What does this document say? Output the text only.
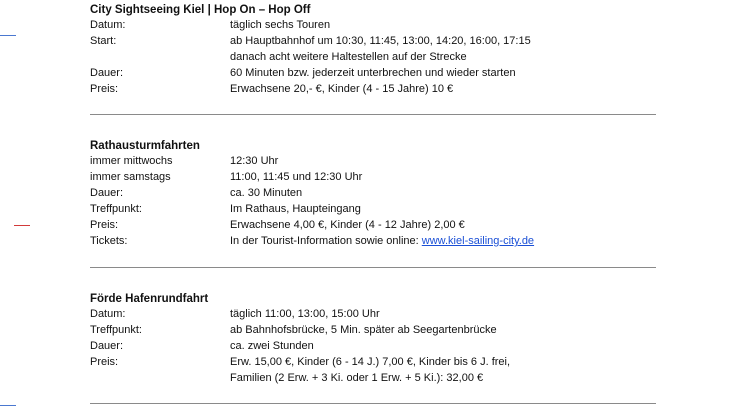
City Sightseeing Kiel | Hop On – Hop Off
Datum:	täglich sechs Touren
Start:	ab Hauptbahnhof um 10:30, 11:45, 13:00, 14:20, 16:00, 17:15
danach acht weitere Haltestellen auf der Strecke
Dauer:	60 Minuten bzw. jederzeit unterbrechen und wieder starten
Preis:	Erwachsene 20,- €, Kinder (4 - 15 Jahre) 10 €
Rathausturmfahrten
immer mittwochs	12:30 Uhr
immer samstags	11:00, 11:45 und 12:30 Uhr
Dauer:	ca. 30 Minuten
Treffpunkt:	Im Rathaus, Haupteingang
Preis:	Erwachsene 4,00 €, Kinder (4 - 12 Jahre) 2,00 €
Tickets:	In der Tourist-Information sowie online: www.kiel-sailing-city.de
Förde Hafenrundfahrt
Datum:	täglich 11:00, 13:00, 15:00 Uhr
Treffpunkt:	ab Bahnhofsbrücke, 5 Min. später ab Seegartenbrücke
Dauer:	ca. zwei Stunden
Preis:	Erw. 15,00 €, Kinder (6 - 14 J.) 7,00 €, Kinder bis 6 J. frei,
Familien (2 Erw. + 3 Ki. oder 1 Erw. + 5 Ki.): 32,00 €
